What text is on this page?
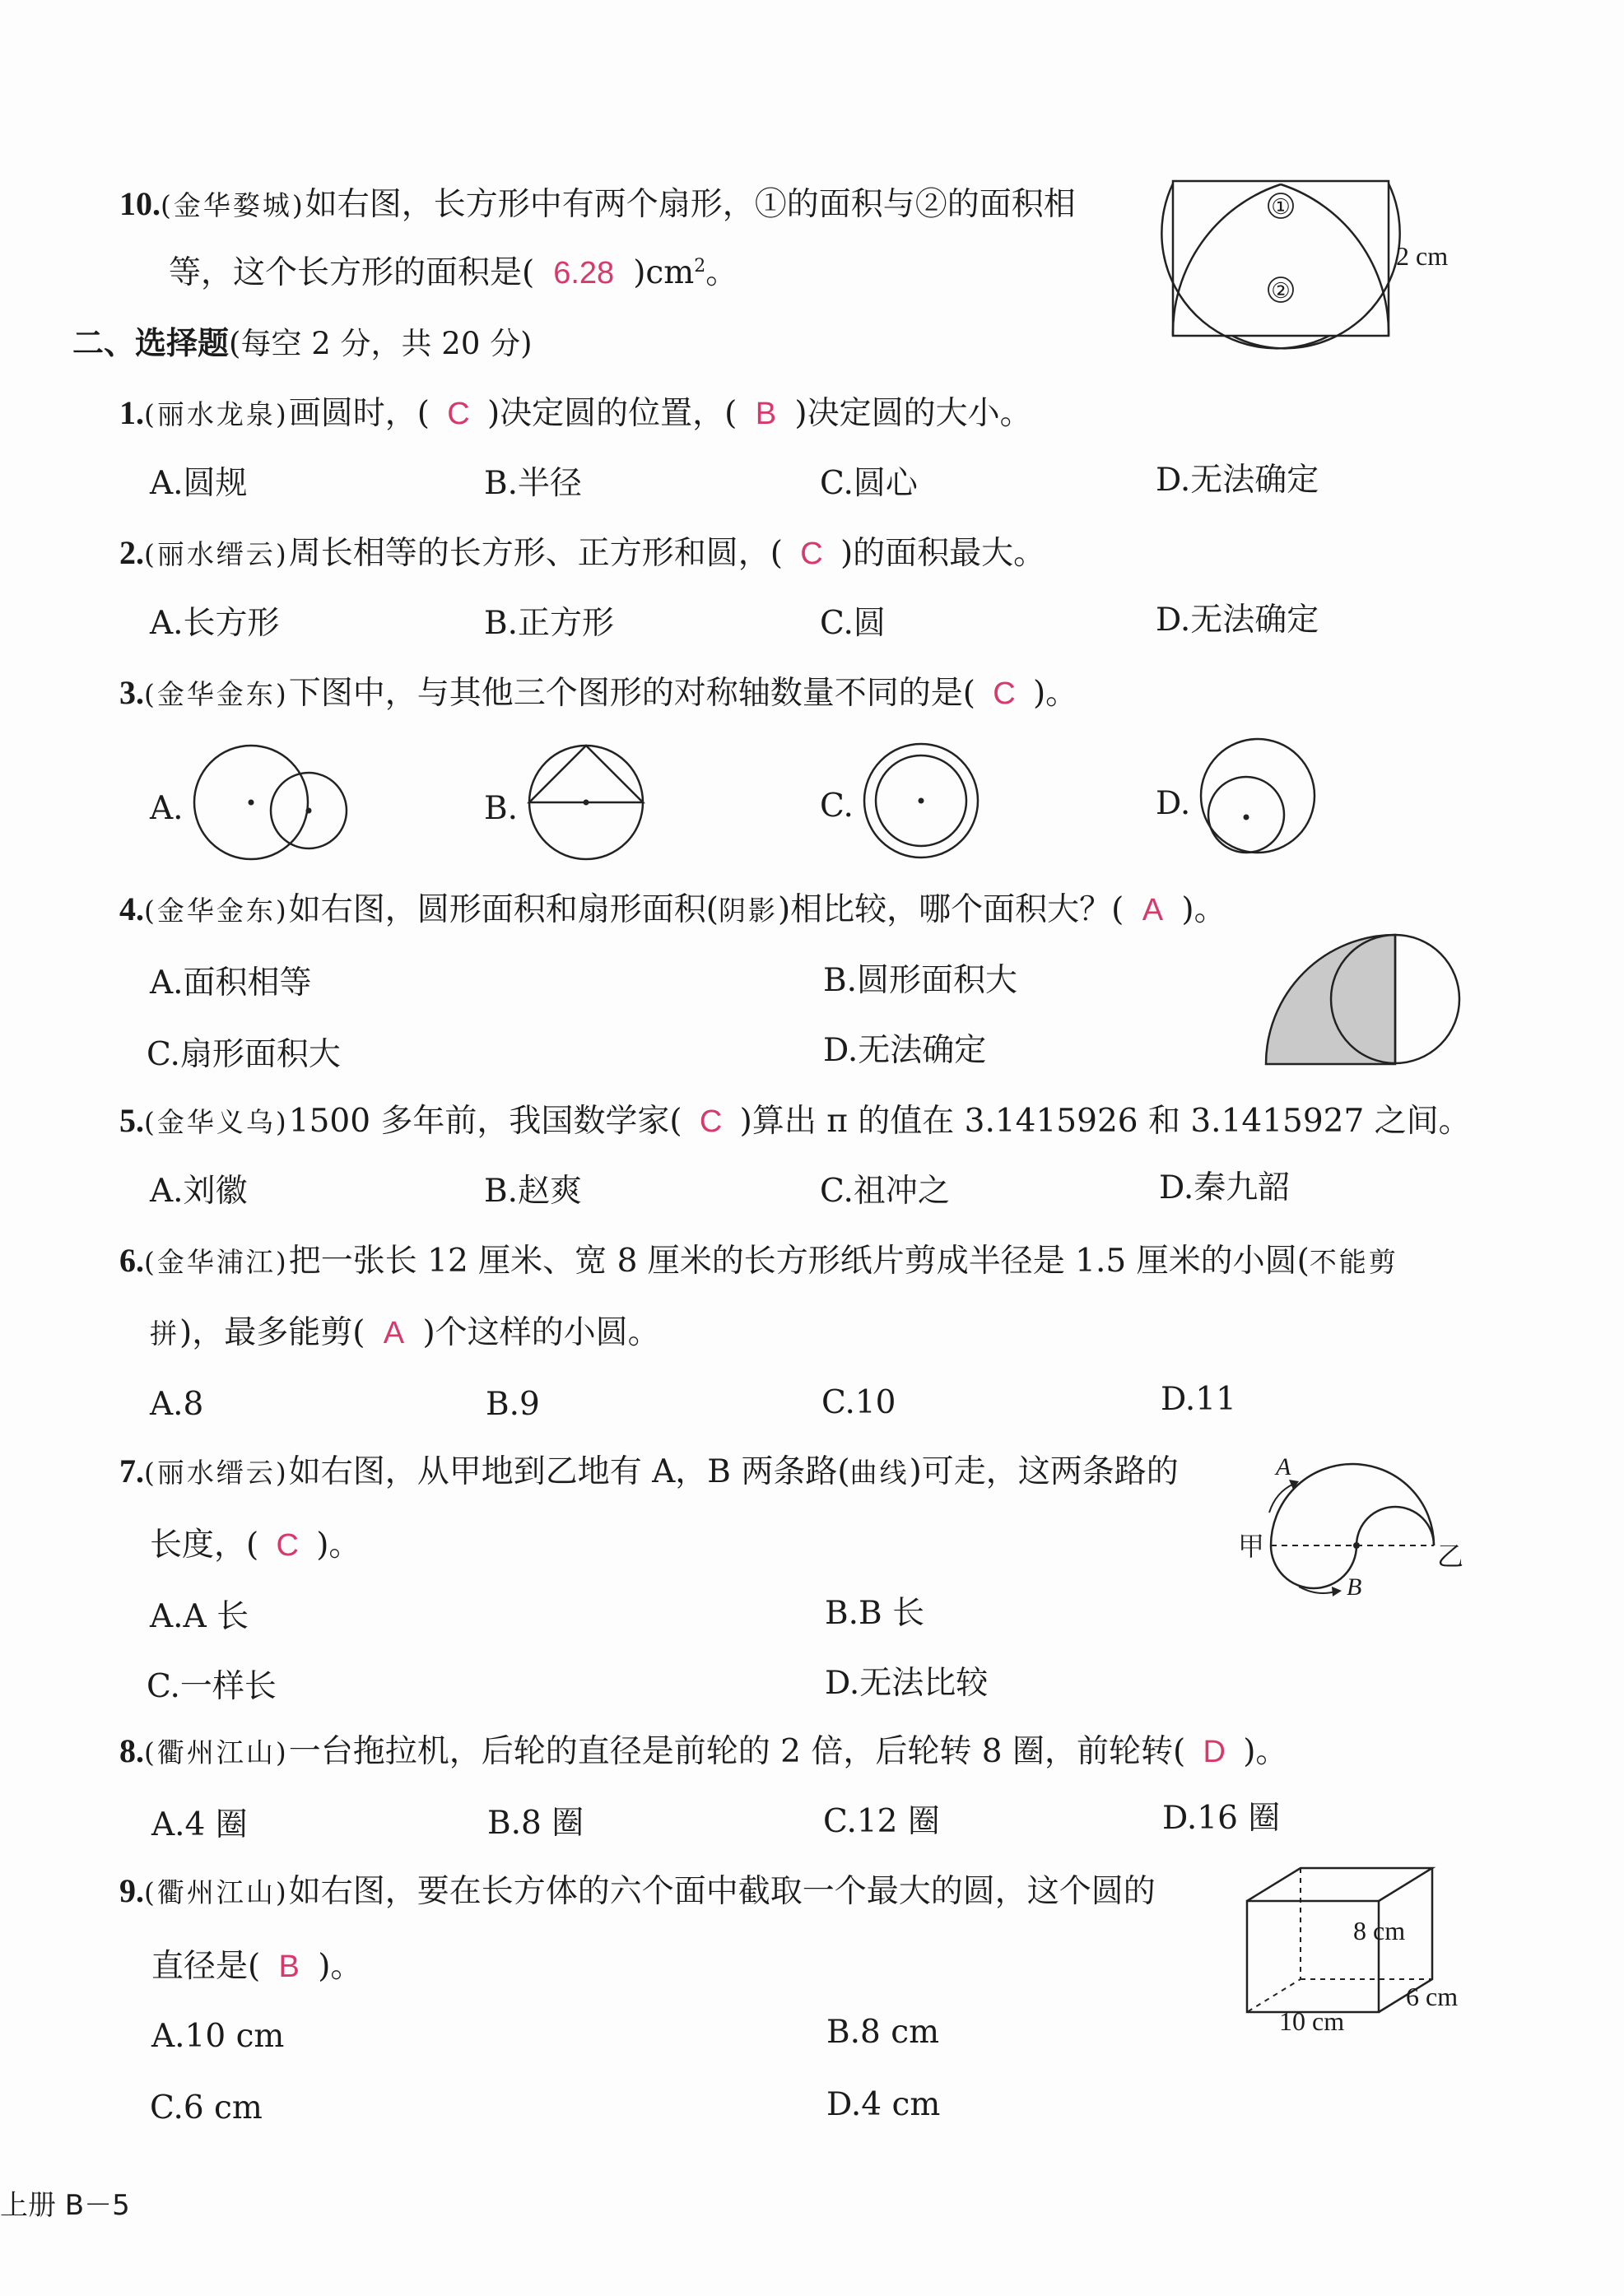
10.(金华婺城)如右图，长方形中有两个扇形，①的面积与②的面积相
等，这个长方形的面积是( 6.28 )$cm^2$。
①
②
2 cm
二、选择题(每空 2 分，共 20 分)
1.(丽水龙泉)画圆时，( C )决定圆的位置，( B )决定圆的大小。
A.圆规	B.半径	C.圆心	D.无法确定
2.(丽水缙云)周长相等的长方形、正方形和圆，( C )的面积最大。
A.长方形	B.正方形	C.圆	D.无法确定
3.(金华金东)下图中，与其他三个图形的对称轴数量不同的是( C )。
A.	B.	C.	D.
4.(金华金东)如右图，圆形面积和扇形面积(阴影)相比较，哪个面积大？( A )。
A.面积相等	B.圆形面积大
C.扇形面积大	D.无法确定
5.(金华义乌)1500 多年前，我国数学家( C )算出 π 的值在 3.1415926 和 3.1415927 之间。
A.刘徽	B.赵爽	C.祖冲之	D.秦九韶
6.(金华浦江)把一张长 12 厘米、宽 8 厘米的长方形纸片剪成半径是 1.5 厘米的小圆(不能剪
拼)，最多能剪( A )个这样的小圆。
A.8	B.9	C.10	D.11
7.(丽水缙云)如右图，从甲地到乙地有 A，B 两条路(曲线)可走，这两条路的
长度，( C )。
A.A 长	B.B 长
C.一样长	D.无法比较
A
B
甲	乙
8.(衢州江山)一台拖拉机，后轮的直径是前轮的 2 倍，后轮转 8 圈，前轮转( D )。
A.4 圈	B.8 圈	C.12 圈	D.16 圈
9.(衢州江山)如右图，要在长方体的六个面中截取一个最大的圆，这个圆的
直径是( B )。
A.10 cm	B.8 cm
C.6 cm	D.4 cm
8 cm
6 cm
10 cm
上册 B－5
